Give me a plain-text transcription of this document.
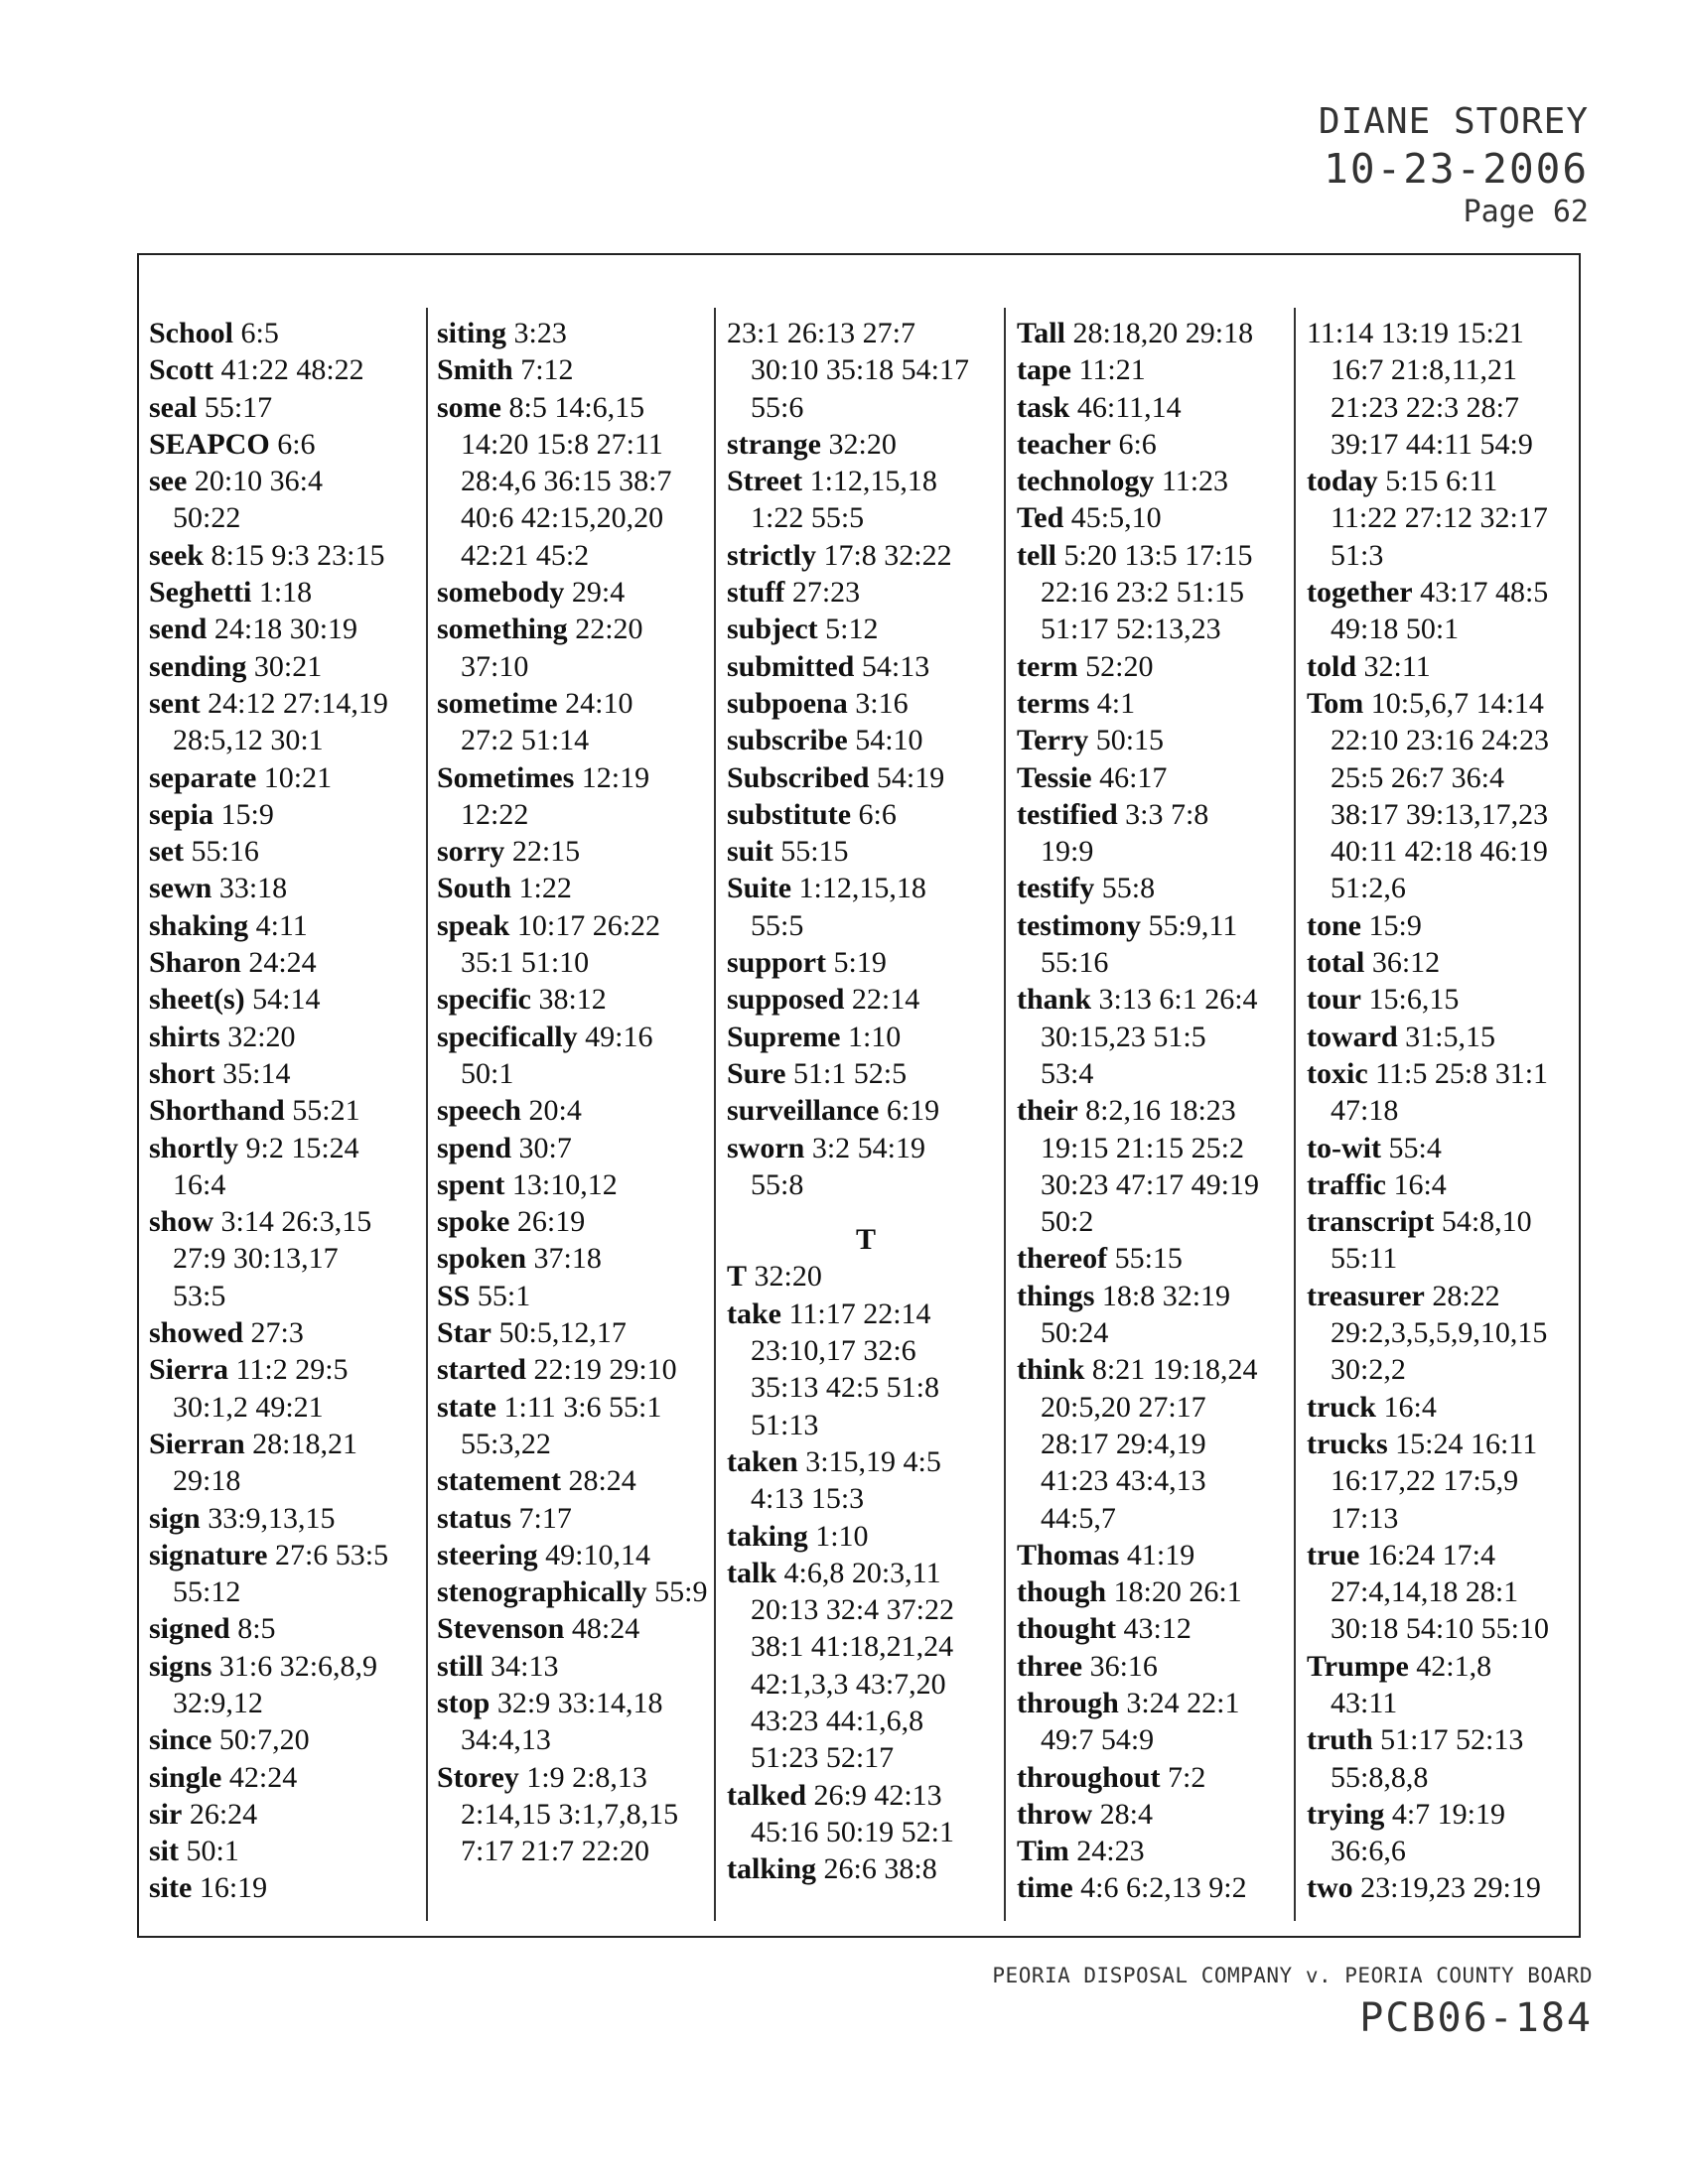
DIANE STOREY
10-23-2006
Page 62
School 6:5
Scott 41:22 48:22
seal 55:17
SEAPCO 6:6
see 20:10 36:4
50:22
seek 8:15 9:3 23:15
Seghetti 1:18
send 24:18 30:19
sending 30:21
sent 24:12 27:14,19
28:5,12 30:1
separate 10:21
sepia 15:9
set 55:16
sewn 33:18
shaking 4:11
Sharon 24:24
sheet(s) 54:14
shirts 32:20
short 35:14
Shorthand 55:21
shortly 9:2 15:24
16:4
show 3:14 26:3,15
27:9 30:13,17
53:5
showed 27:3
Sierra 11:2 29:5
30:1,2 49:21
Sierran 28:18,21
29:18
sign 33:9,13,15
signature 27:6 53:5
55:12
signed 8:5
signs 31:6 32:6,8,9
32:9,12
since 50:7,20
single 42:24
sir 26:24
sit 50:1
site 16:19
siting 3:23
Smith 7:12
some 8:5 14:6,15
14:20 15:8 27:11
28:4,6 36:15 38:7
40:6 42:15,20,20
42:21 45:2
somebody 29:4
something 22:20
37:10
sometime 24:10
27:2 51:14
Sometimes 12:19
12:22
sorry 22:15
South 1:22
speak 10:17 26:22
35:1 51:10
specific 38:12
specifically 49:16
50:1
speech 20:4
spend 30:7
spent 13:10,12
spoke 26:19
spoken 37:18
SS 55:1
Star 50:5,12,17
started 22:19 29:10
state 1:11 3:6 55:1
55:3,22
statement 28:24
status 7:17
steering 49:10,14
stenographically 55:9
Stevenson 48:24
still 34:13
stop 32:9 33:14,18
34:4,13
Storey 1:9 2:8,13
2:14,15 3:1,7,8,15
7:17 21:7 22:20
23:1 26:13 27:7
30:10 35:18 54:17
55:6
strange 32:20
Street 1:12,15,18
1:22 55:5
strictly 17:8 32:22
stuff 27:23
subject 5:12
submitted 54:13
subpoena 3:16
subscribe 54:10
Subscribed 54:19
substitute 6:6
suit 55:15
Suite 1:12,15,18
55:5
support 5:19
supposed 22:14
Supreme 1:10
Sure 51:1 52:5
surveillance 6:19
sworn 3:2 54:19
55:8
T
T 32:20
take 11:17 22:14
23:10,17 32:6
35:13 42:5 51:8
51:13
taken 3:15,19 4:5
4:13 15:3
taking 1:10
talk 4:6,8 20:3,11
20:13 32:4 37:22
38:1 41:18,21,24
42:1,3,3 43:7,20
43:23 44:1,6,8
51:23 52:17
talked 26:9 42:13
45:16 50:19 52:1
talking 26:6 38:8
Tall 28:18,20 29:18
tape 11:21
task 46:11,14
teacher 6:6
technology 11:23
Ted 45:5,10
tell 5:20 13:5 17:15
22:16 23:2 51:15
51:17 52:13,23
term 52:20
terms 4:1
Terry 50:15
Tessie 46:17
testified 3:3 7:8
19:9
testify 55:8
testimony 55:9,11
55:16
thank 3:13 6:1 26:4
30:15,23 51:5
53:4
their 8:2,16 18:23
19:15 21:15 25:2
30:23 47:17 49:19
50:2
thereof 55:15
things 18:8 32:19
50:24
think 8:21 19:18,24
20:5,20 27:17
28:17 29:4,19
41:23 43:4,13
44:5,7
Thomas 41:19
though 18:20 26:1
thought 43:12
three 36:16
through 3:24 22:1
49:7 54:9
throughout 7:2
throw 28:4
Tim 24:23
time 4:6 6:2,13 9:2
11:14 13:19 15:21
16:7 21:8,11,21
21:23 22:3 28:7
39:17 44:11 54:9
today 5:15 6:11
11:22 27:12 32:17
51:3
together 43:17 48:5
49:18 50:1
told 32:11
Tom 10:5,6,7 14:14
22:10 23:16 24:23
25:5 26:7 36:4
38:17 39:13,17,23
40:11 42:18 46:19
51:2,6
tone 15:9
total 36:12
tour 15:6,15
toward 31:5,15
toxic 11:5 25:8 31:1
47:18
to-wit 55:4
traffic 16:4
transcript 54:8,10
55:11
treasurer 28:22
29:2,3,5,5,9,10,15
30:2,2
truck 16:4
trucks 15:24 16:11
16:17,22 17:5,9
17:13
true 16:24 17:4
27:4,14,18 28:1
30:18 54:10 55:10
Trumpe 42:1,8
43:11
truth 51:17 52:13
55:8,8,8
trying 4:7 19:19
36:6,6
two 23:19,23 29:19
PEORIA DISPOSAL COMPANY v. PEORIA COUNTY BOARD
PCB06-184
